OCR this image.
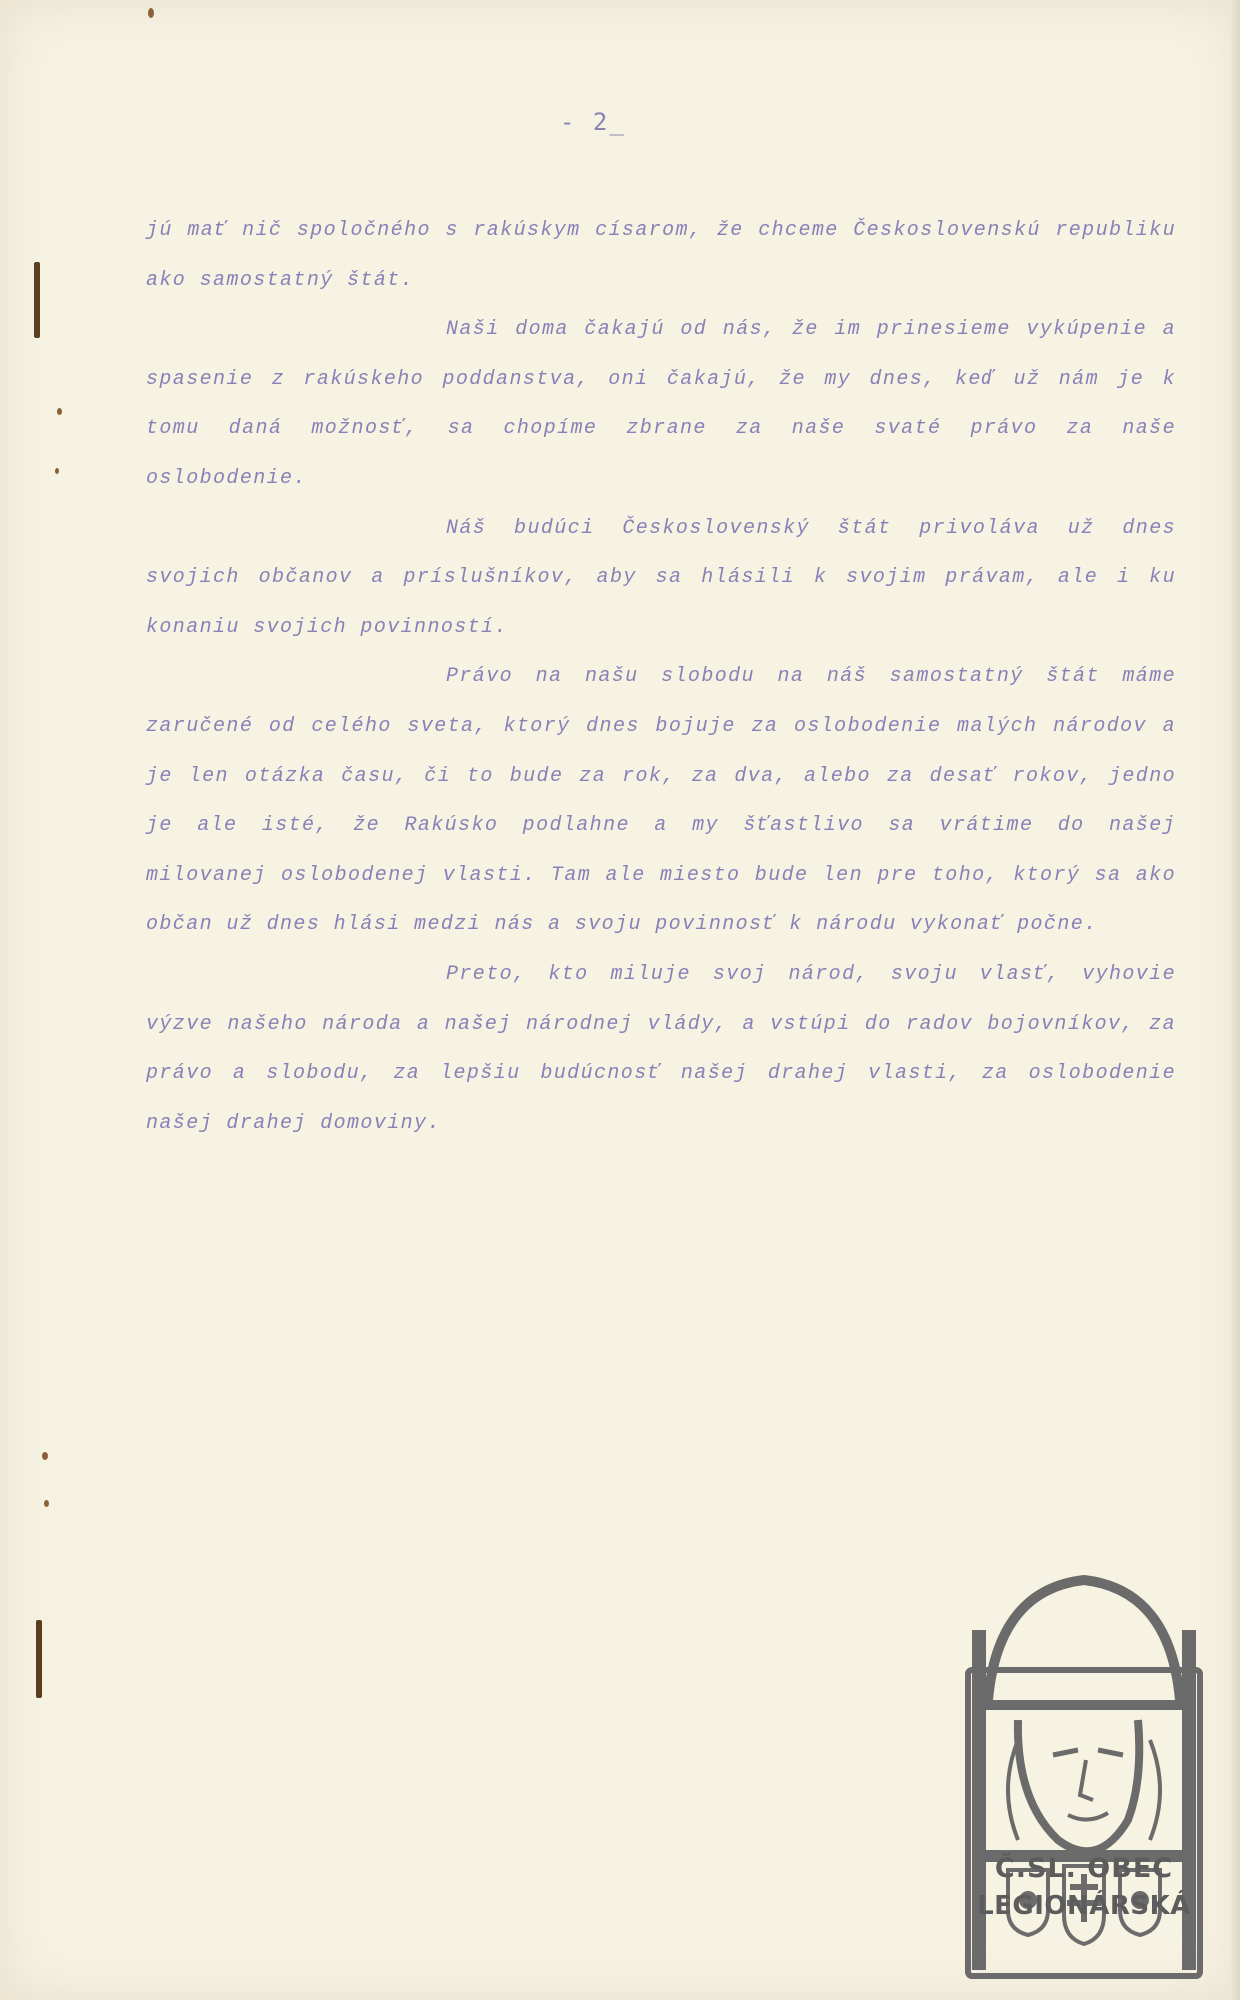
- 2_

jú mať nič spoločného s rakúskym císarom, že chceme Československú republiku ako samostatný štát.

Naši doma čakajú od nás, že im prinesieme vykúpenie a spasenie z rakúskeho poddanstva, oni čakajú, že my dnes, keď už nám je k tomu daná možnosť, sa chopíme zbrane za naše svaté právo za naše oslobodenie.

Náš budúci Československý štát privoláva už dnes svojich občanov a príslušníkov, aby sa hlásili k svojim právam, ale i ku konaniu svojich povinností.

Právo na našu slobodu na náš samostatný štát máme zaručené od celého sveta, ktorý dnes bojuje za oslobodenie malých národov a je len otázka času, či to bude za rok, za dva, alebo za desať rokov, jedno je ale isté, že Rakúsko podlahne a my šťastlivo sa vrátime do našej milovanej oslobodenej vlasti. Tam ale miesto bude len pre toho, ktorý sa ako občan už dnes hlási medzi nás a svoju povinnosť k národu vykonať počne.

Preto, kto miluje svoj národ, svoju vlasť, vyhovie výzve našeho národa a našej národnej vlády, a vstúpi do radov bojovníkov, za právo a slobodu, za lepšiu budúcnosť našej drahej vlasti, za oslobodenie našej drahej domoviny.

Č.SL. OBEC
LEGIONÁRSKÁ
